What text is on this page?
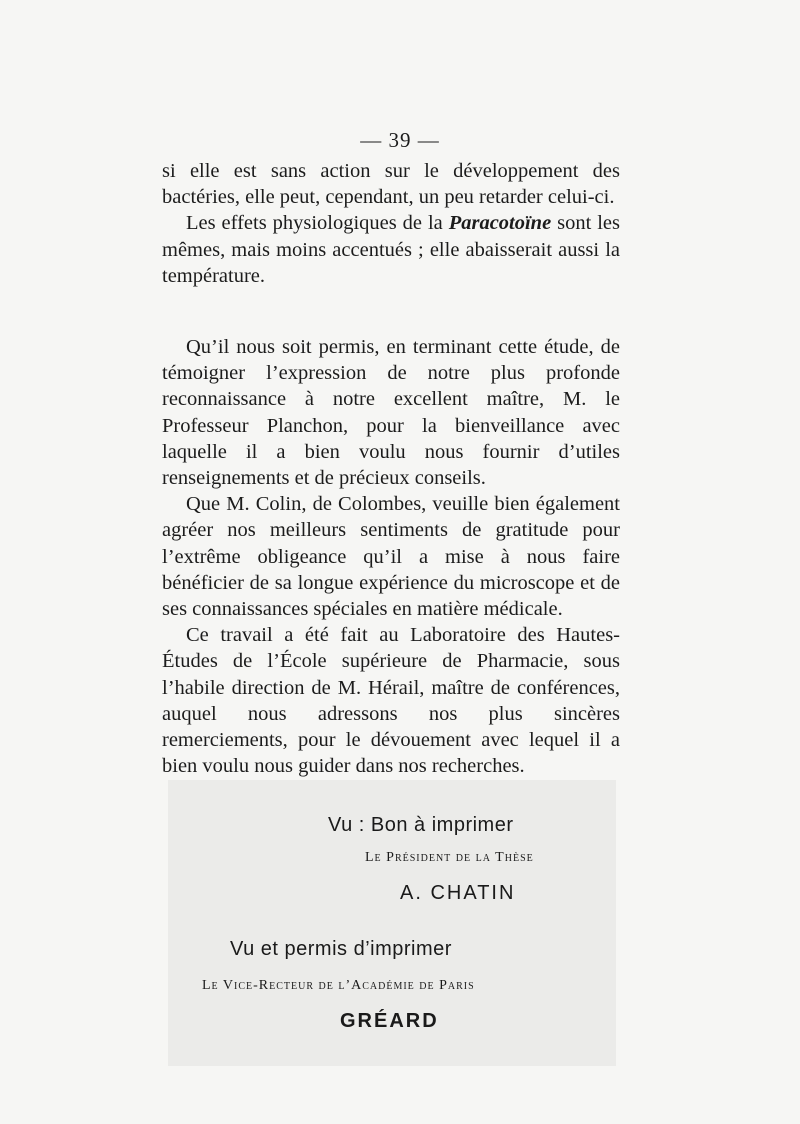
— 39 —

si elle est sans action sur le développement des bactéries, elle peut, cependant, un peu retarder celui-ci.

Les effets physiologiques de la Paracotoïne sont les mêmes, mais moins accentués ; elle abaisserait aussi la température.

Qu’il nous soit permis, en terminant cette étude, de témoigner l’expression de notre plus profonde reconnaissance à notre excellent maître, M. le Professeur Planchon, pour la bienveillance avec laquelle il a bien voulu nous fournir d’utiles renseignements et de précieux conseils.

Que M. Colin, de Colombes, veuille bien également agréer nos meilleurs sentiments de gratitude pour l’extrême obligeance qu’il a mise à nous faire bénéficier de sa longue expérience du microscope et de ses connaissances spéciales en matière médicale.

Ce travail a été fait au Laboratoire des Hautes-Études de l’École supérieure de Pharmacie, sous l’habile direction de M. Hérail, maître de conférences, auquel nous adressons nos plus sincères remerciements, pour le dévouement avec lequel il a bien voulu nous guider dans nos recherches.

Vu : Bon à imprimer
Le Président de la Thèse
A. CHATIN
Vu et permis d’imprimer
Le Vice-Recteur de l’Académie de Paris
GRÉARD
